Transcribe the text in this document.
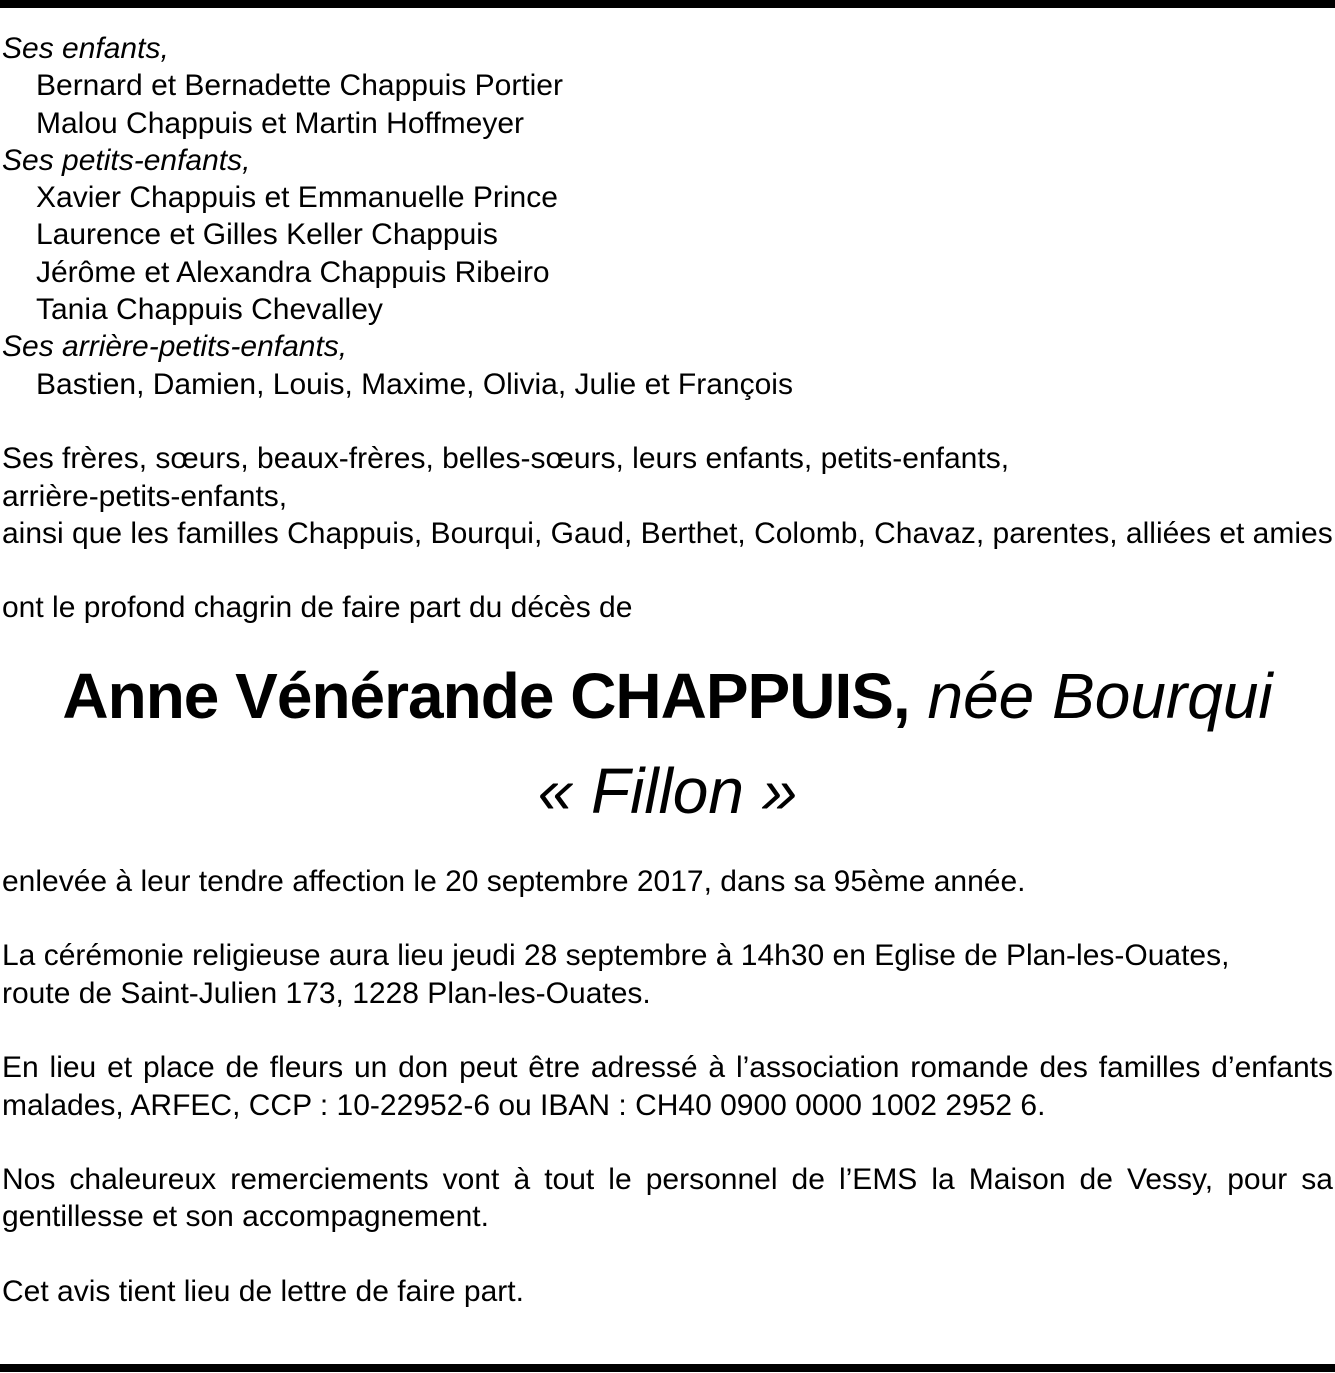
Ses enfants,
Bernard et Bernadette Chappuis Portier
Malou Chappuis et Martin Hoffmeyer
Ses petits-enfants,
Xavier Chappuis et Emmanuelle Prince
Laurence et Gilles Keller Chappuis
Jérôme et Alexandra Chappuis Ribeiro
Tania Chappuis Chevalley
Ses arrière-petits-enfants,
Bastien, Damien, Louis, Maxime, Olivia, Julie et François
Ses frères, sœurs, beaux-frères, belles-sœurs, leurs enfants, petits-enfants,
arrière-petits-enfants,
ainsi que les familles Chappuis, Bourqui, Gaud, Berthet, Colomb, Chavaz, parentes, alliées et amies
ont le profond chagrin de faire part du décès de
Anne Vénérande CHAPPUIS, née Bourqui
« Fillon »
enlevée à leur tendre affection le 20 septembre 2017, dans sa 95ème année.
La cérémonie religieuse aura lieu jeudi 28 septembre à 14h30 en Eglise de Plan-les-Ouates,
route de Saint-Julien 173, 1228 Plan-les-Ouates.
En lieu et place de fleurs un don peut être adressé à l’association romande des familles d’enfants malades, ARFEC, CCP : 10-22952-6 ou IBAN : CH40 0900 0000 1002 2952 6.
Nos chaleureux remerciements vont à tout le personnel de l’EMS la Maison de Vessy, pour sa gentillesse et son accompagnement.
Cet avis tient lieu de lettre de faire part.
